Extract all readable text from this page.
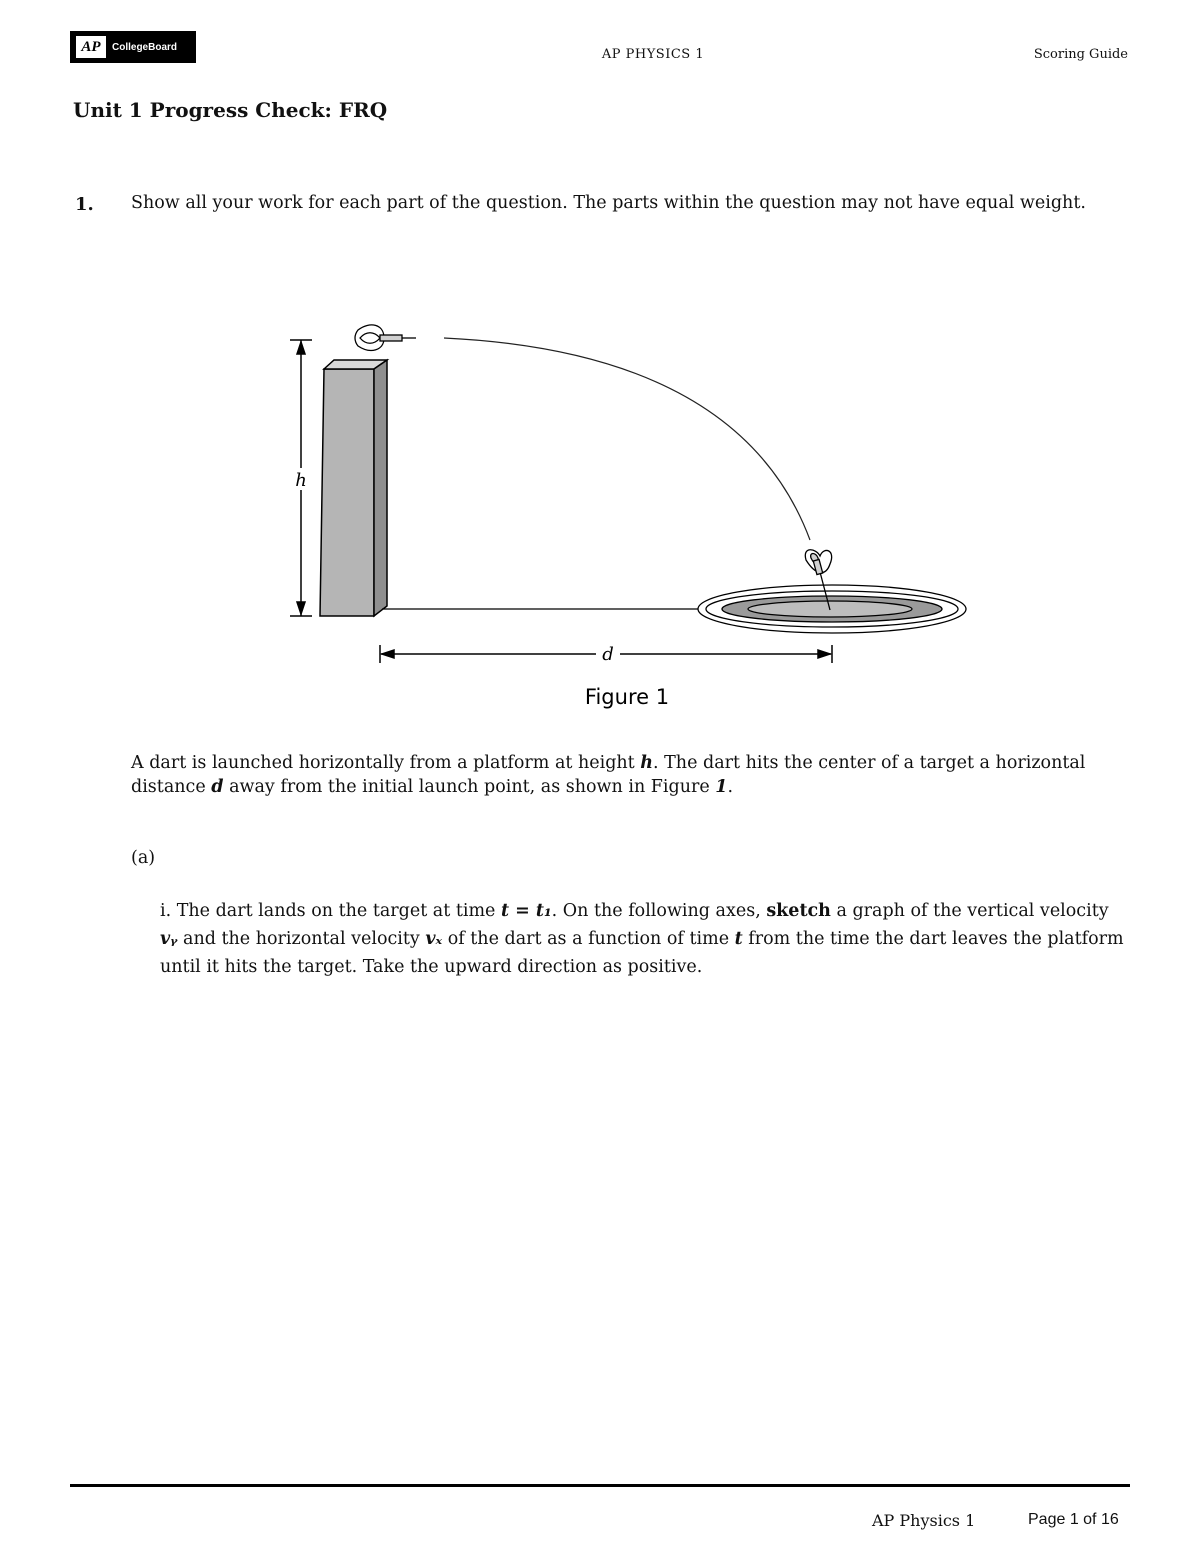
AP	CollegeBoard	AP PHYSICS 1	Scoring Guide
Unit 1 Progress Check: FRQ
1. Show all your work for each part of the question. The parts within the question may not have equal weight.
h
d
Figure 1
A dart is launched horizontally from a platform at height h. The dart hits the center of a target a horizontal distance d away from the initial launch point, as shown in Figure 1.
(a)
i. The dart lands on the target at time t = t₁. On the following axes, sketch a graph of the vertical velocity vᵧ and the horizontal velocity vₓ of the dart as a function of time t from the time the dart leaves the platform until it hits the target. Take the upward direction as positive.
AP Physics 1	Page 1 of 16
